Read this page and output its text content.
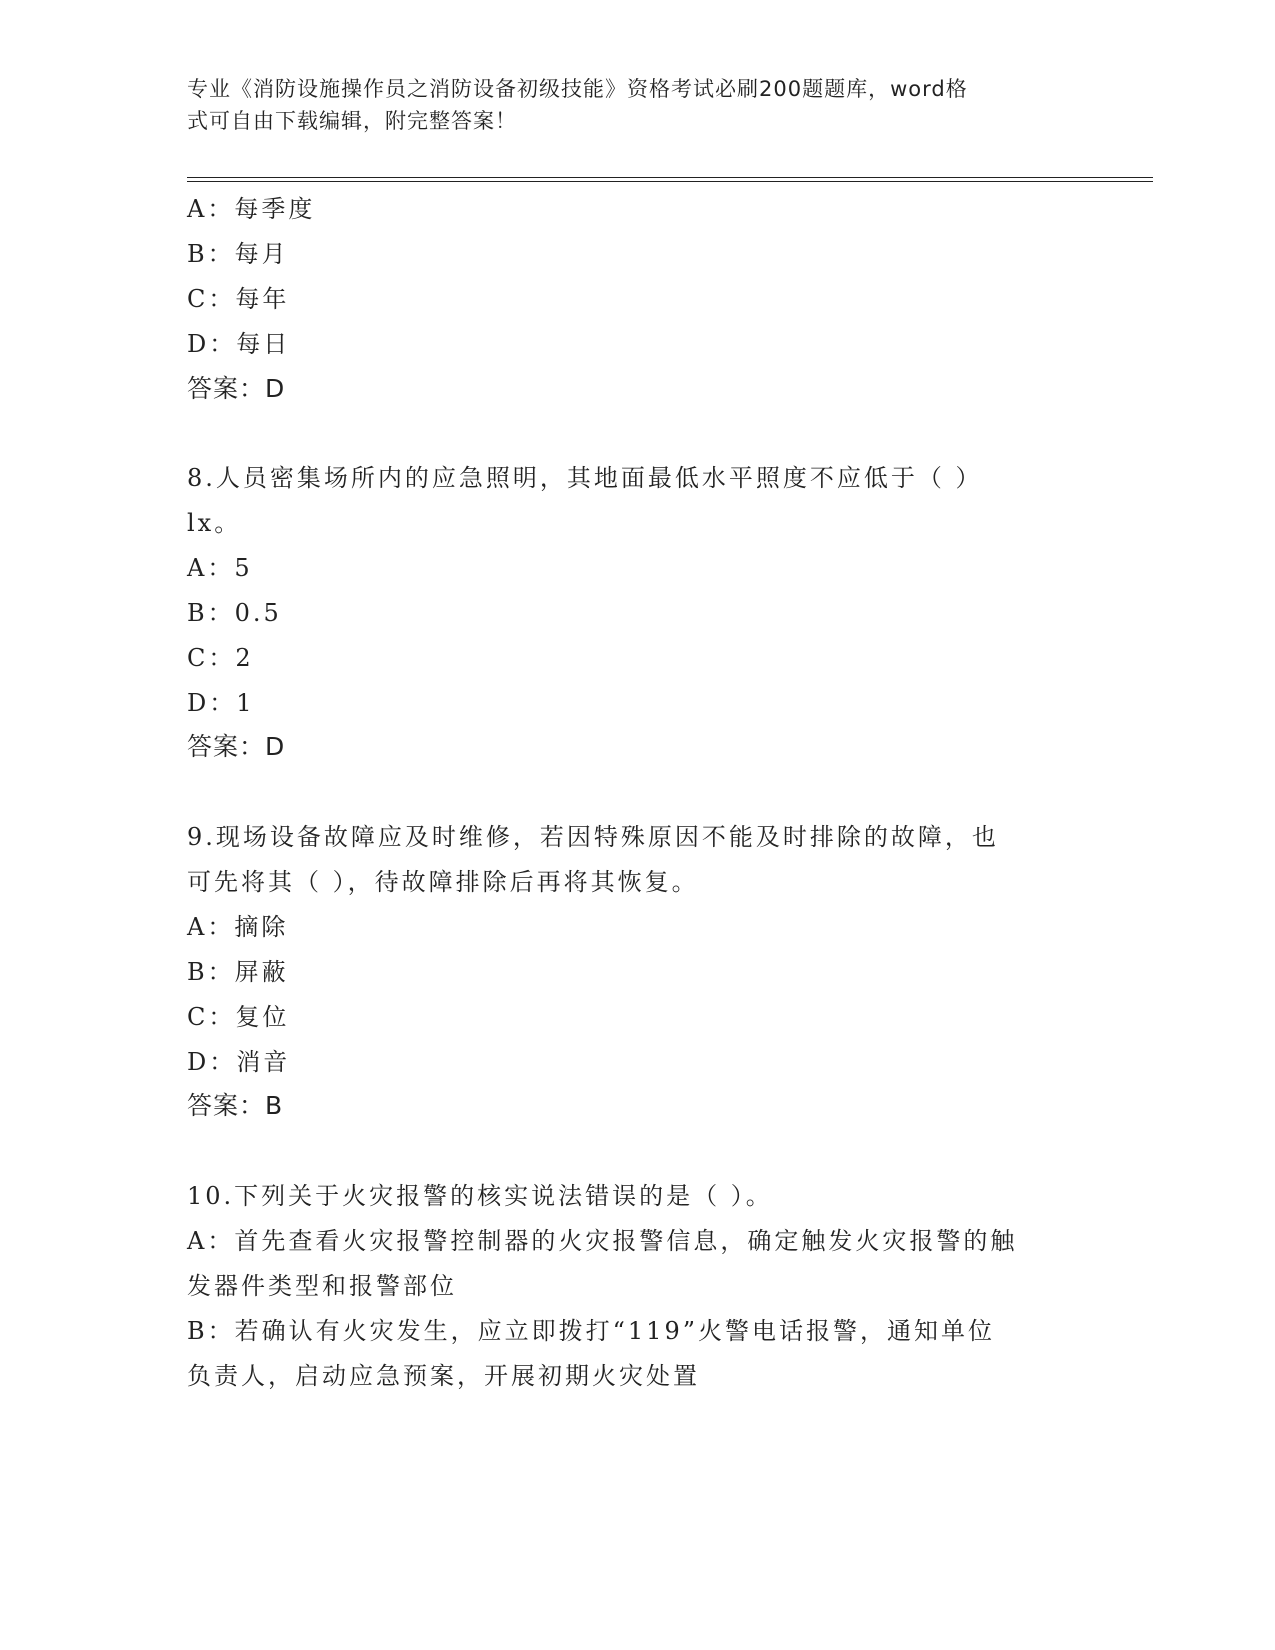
专业《消防设施操作员之消防设备初级技能》资格考试必刷200题题库，word格
式可自由下载编辑，附完整答案！
A：每季度
B：每月
C：每年
D：每日
答案：D
8.人员密集场所内的应急照明，其地面最低水平照度不应低于（ ）
lx。
A：5
B：0.5
C：2
D：1
答案：D
9.现场设备故障应及时维修，若因特殊原因不能及时排除的故障，也
可先将其（ ），待故障排除后再将其恢复。
A：摘除
B：屏蔽
C：复位
D：消音
答案：B
10.下列关于火灾报警的核实说法错误的是（ ）。
A：首先查看火灾报警控制器的火灾报警信息，确定触发火灾报警的触
发器件类型和报警部位
B：若确认有火灾发生，应立即拨打“119”火警电话报警，通知单位
负责人，启动应急预案，开展初期火灾处置
